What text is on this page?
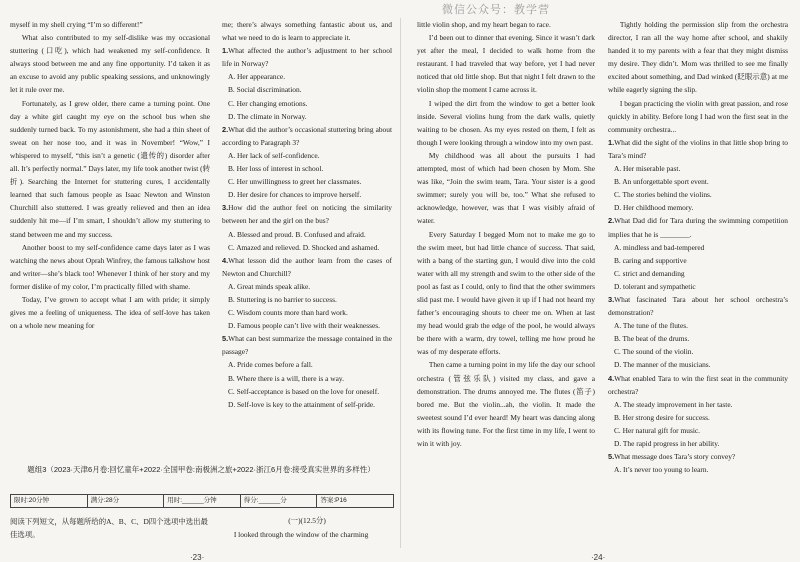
微信公众号：教学营

myself in my shell crying “I’m so different!”

What also contributed to my self-dislike was my occasional stuttering (口吃), which had weakened my self-confidence. It always stood between me and any fine opportunity. I’d taken it as an excuse to avoid any public speaking sessions, and unknowingly let it rule over me.

Fortunately, as I grew older, there came a turning point. One day a white girl caught my eye on the school bus when she suddenly turned back. To my astonishment, she had a thin sheet of sweat on her nose too, and it was in November! “Wow,” I whispered to myself, “this isn’t a genetic (遗传的) disorder after all. It’s perfectly normal.” Days later, my life took another twist (转折). Searching the Internet for stuttering cures, I accidentally learned that such famous people as Isaac Newton and Winston Churchill also stuttered. I was greatly relieved and then an idea suddenly hit me—if I’m smart, I shouldn’t allow my stuttering to stand between me and my success.

Another boost to my self-confidence came days later as I was watching the news about Oprah Winfrey, the famous talkshow host and writer—she’s black too! Whenever I think of her story and my former dislike of my color, I’m practically filled with shame.

Today, I’ve grown to accept what I am with pride; it simply gives me a feeling of uniqueness. The idea of self-love has taken on a whole new meaning for

me; there’s always something fantastic about us, and what we need to do is learn to appreciate it.

1.What affected the author’s adjustment to her school life in Norway?

A. Her appearance.

B. Social discrimination.

C. Her changing emotions.

D. The climate in Norway.

2.What did the author’s occasional stuttering bring about according to Paragraph 3?

A. Her lack of self-confidence.

B. Her loss of interest in school.

C. Her unwillingness to greet her classmates.

D. Her desire for chances to improve herself.

3.How did the author feel on noticing the similarity between her and the girl on the bus?

A. Blessed and proud. B. Confused and afraid.

C. Amazed and relieved. D. Shocked and ashamed.

4.What lesson did the author learn from the cases of Newton and Churchill?

A. Great minds speak alike.

B. Stuttering is no barrier to success.

C. Wisdom counts more than hard work.

D. Famous people can’t live with their weaknesses.

5.What can best summarize the message contained in the passage?

A. Pride comes before a fall.

B. Where there is a will, there is a way.

C. Self-acceptance is based on the love for oneself.

D. Self-love is key to the attainment of self-pride.

题组3（2023·天津6月卷:回忆童年+2022·全国甲卷:南极洲之旅+2022·浙江6月卷:接受真实世界的多样性）
限时:20分钟	满分:28分	用时:______分钟	得分:______分	答案:P16
阅读下列短文，从每题所给的A、B、C、D四个选项中选出最佳选项。
(一)(12.5分)
I looked through the window of the charming
·23·

little violin shop, and my heart began to race.

I’d been out to dinner that evening. Since it wasn’t dark yet after the meal, I decided to walk home from the restaurant. I had traveled that way before, yet I had never noticed that old little shop. But that night I felt drawn to the violin shop the moment I came across it.

I wiped the dirt from the window to get a better look inside. Several violins hung from the dark walls, quietly waiting to be chosen. As my eyes rested on them, I felt as though I were looking through a window into my own past.

My childhood was all about the pursuits I had attempted, most of which had been chosen by Mom. She was like, “Join the swim team, Tara. Your sister is a good swimmer; surely you will be, too.” What she refused to acknowledge, however, was that I was visibly afraid of water.

Every Saturday I begged Mom not to make me go to the swim meet, but had little chance of success. That said, with a bang of the starting gun, I would dive into the cold water with all my strength and swim to the other side of the pool as fast as I could, only to find that the other swimmers slid past me. I would have given it up if I had not heard my father’s encouraging shouts to cheer me on. When at last my head would grab the edge of the pool, he would always be there with a warm, dry towel, telling me how proud he was of my desperate efforts.

Then came a turning point in my life the day our school orchestra (管弦乐队) visited my class, and gave a demonstration. The drums annoyed me. The flutes (笛子) bored me. But the violin...ah, the violin. It made the sweetest sound I’d ever heard! My heart was dancing along with its flowing tune. For the first time in my life, I went to win it with joy.

Tightly holding the permission slip from the orchestra director, I ran all the way home after school, and shakily handed it to my parents with a fear that they might dismiss my desire. They didn’t. Mom was thrilled to see me finally excited about something, and Dad winked (眨眼示意) at me while eagerly signing the slip.

I began practicing the violin with great passion, and rose quickly in ability. Before long I had won the first seat in the community orchestra...

1.What did the sight of the violins in that little shop bring to Tara’s mind?

A. Her miserable past.

B. An unforgettable sport event.

C. The stories behind the violins.

D. Her childhood memory.

2.What Dad did for Tara during the swimming competition implies that he is ________.

A. mindless and bad-tempered

B. caring and supportive

C. strict and demanding

D. tolerant and sympathetic

3.What fascinated Tara about her school orchestra’s demonstration?

A. The tune of the flutes.

B. The beat of the drums.

C. The sound of the violin.

D. The manner of the musicians.

4.What enabled Tara to win the first seat in the community orchestra?

A. The steady improvement in her taste.

B. Her strong desire for success.

C. Her natural gift for music.

D. The rapid progress in her ability.

5.What message does Tara’s story convey?

A. It’s never too young to learn.

·24·
